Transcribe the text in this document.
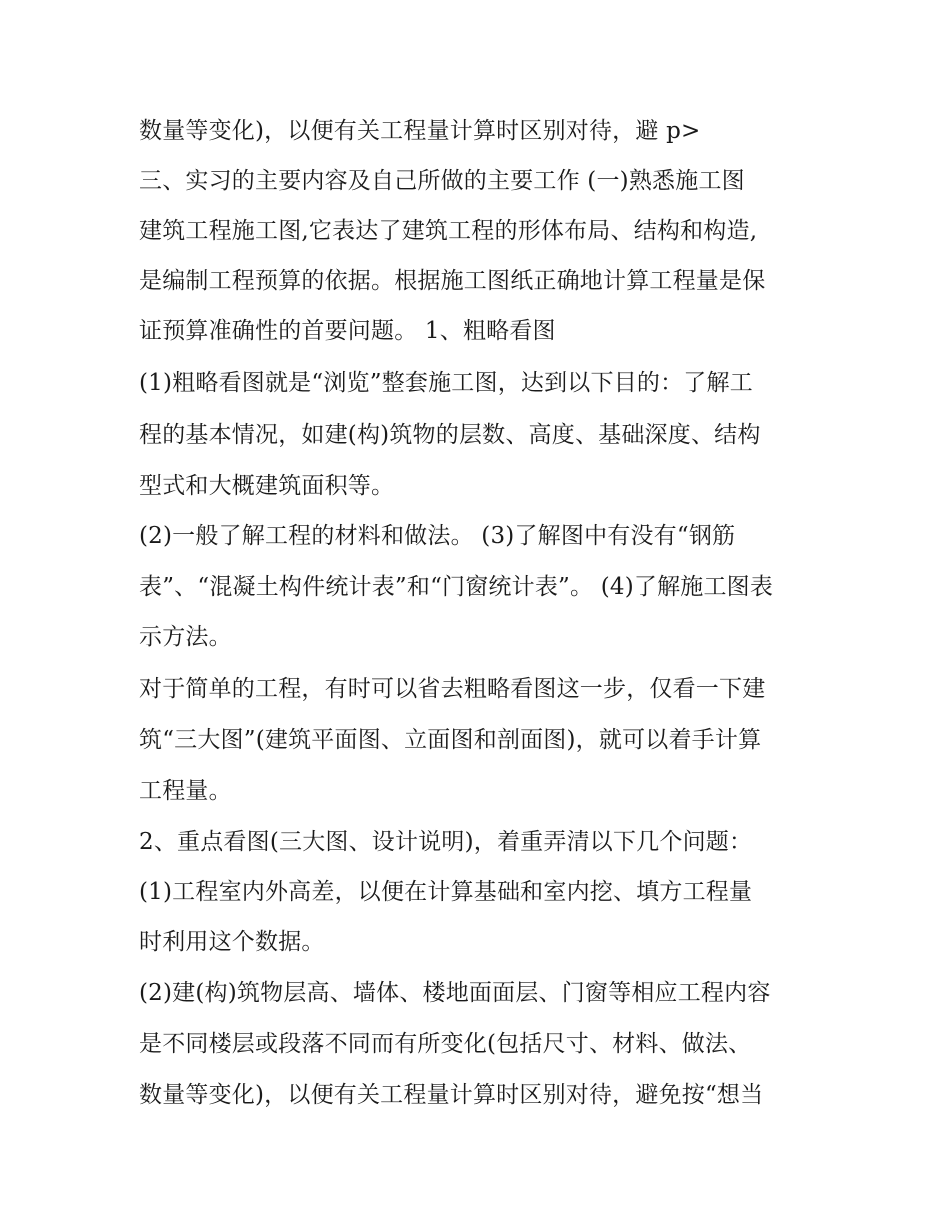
数量等变化)，以便有关工程量计算时区别对待，避 p>
三、实习的主要内容及自己所做的主要工作 (一)熟悉施工图
建筑工程施工图,它表达了建筑工程的形体布局、结构和构造,
是编制工程预算的依据。根据施工图纸正确地计算工程量是保
证预算准确性的首要问题。 1、粗略看图
(1)粗略看图就是“浏览”整套施工图，达到以下目的：了解工
程的基本情况，如建(构)筑物的层数、高度、基础深度、结构
型式和大概建筑面积等。
(2)一般了解工程的材料和做法。 (3)了解图中有没有“钢筋
表”、“混凝土构件统计表”和“门窗统计表”。 (4)了解施工图表
示方法。
对于简单的工程，有时可以省去粗略看图这一步，仅看一下建
筑“三大图”(建筑平面图、立面图和剖面图)，就可以着手计算
工程量。
2、重点看图(三大图、设计说明)，着重弄清以下几个问题：
(1)工程室内外高差，以便在计算基础和室内挖、填方工程量
时利用这个数据。
(2)建(构)筑物层高、墙体、楼地面面层、门窗等相应工程内容
是不同楼层或段落不同而有所变化(包括尺寸、材料、做法、
数量等变化)，以便有关工程量计算时区别对待，避免按“想当
